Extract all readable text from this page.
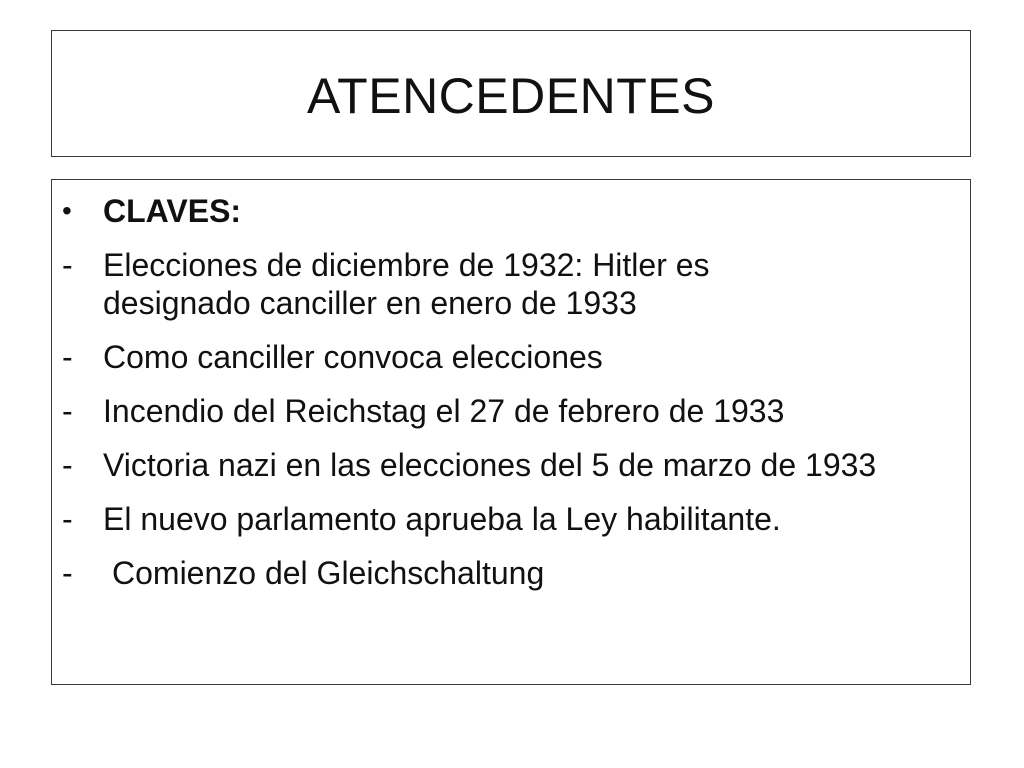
ATENCEDENTES
• CLAVES:
- Elecciones de diciembre de 1932: Hitler es designado canciller en enero de 1933
- Como canciller convoca elecciones
- Incendio del Reichstag el 27 de febrero de 1933
- Victoria nazi en las elecciones del 5 de marzo de 1933
- El nuevo parlamento aprueba la Ley habilitante.
-	Comienzo del Gleichschaltung
